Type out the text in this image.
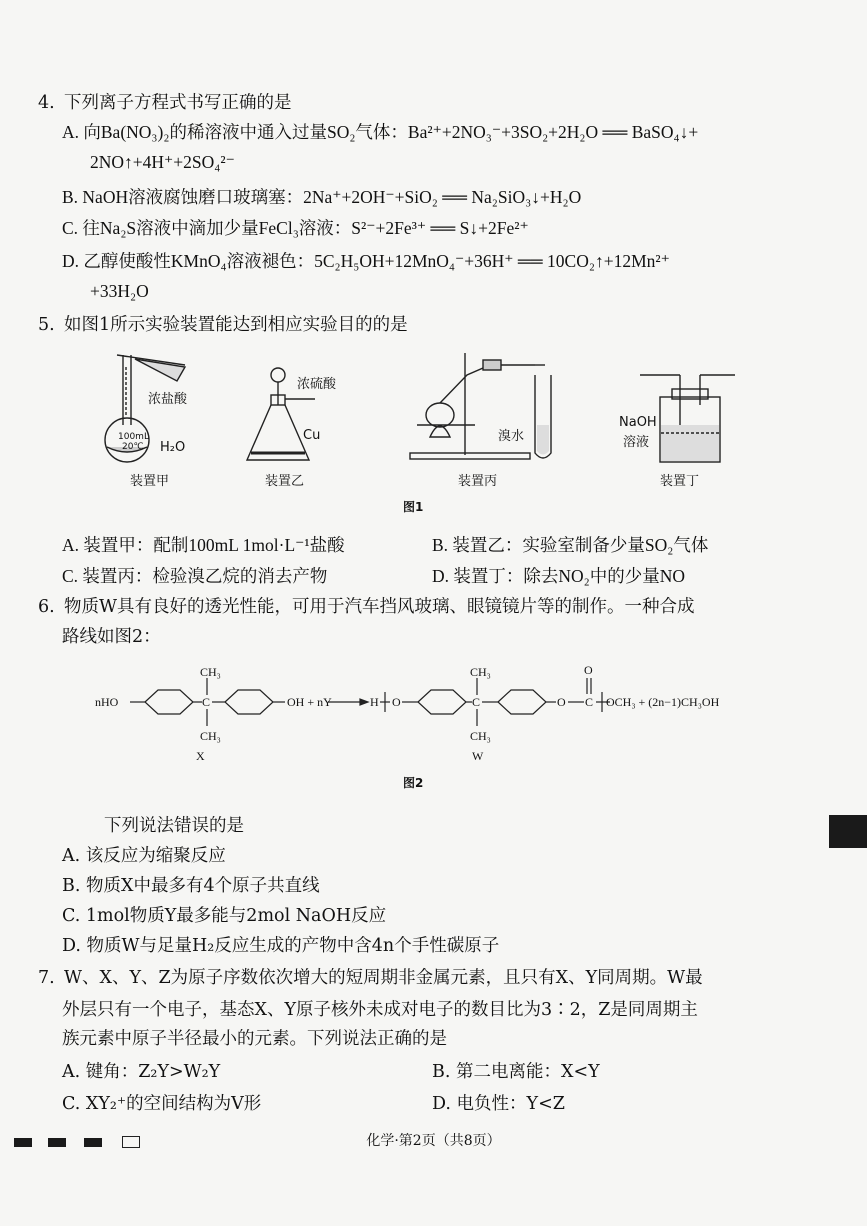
4. 下列离子方程式书写正确的是
A. 向Ba(NO₃)₂的稀溶液中通入过量SO₂气体：Ba²⁺+2NO₃⁻+3SO₂+2H₂O ══ BaSO₄↓+
2NO↑+4H⁺+2SO₄²⁻
B. NaOH溶液腐蚀磨口玻璃塞：2Na⁺+2OH⁻+SiO₂ ══ Na₂SiO₃↓+H₂O
C. 往Na₂S溶液中滴加少量FeCl₃溶液：S²⁻+2Fe³⁺ ══ S↓+2Fe²⁺
D. 乙醇使酸性KMnO₄溶液褪色：5C₂H₅OH+12MnO₄⁻+36H⁺ ══ 10CO₂↑+12Mn²⁺
+33H₂O
5. 如图1所示实验装置能达到相应实验目的的是
浓盐酸
100mL
20℃ H₂O
浓硫酸
Cu	溴水
NaOH
溶液
装置甲	装置乙	装置丙	装置丁
图1
A. 装置甲：配制100mL 1mol·L⁻¹盐酸	B. 装置乙：实验室制备少量SO₂气体
C. 装置丙：检验溴乙烷的消去产物	D. 装置丁：除去NO₂中的少量NO
6. 物质W具有良好的透光性能，可用于汽车挡风玻璃、眼镜镜片等的制作。一种合成
路线如图2：
nHO
CH₃
C
CH₃
OH + nY	H O
CH₃
C
CH₃
O
O
C OCH₃ + (2n−1)CH₃OH
X	W
图2
下列说法错误的是
A. 该反应为缩聚反应
B. 物质X中最多有4个原子共直线
C. 1mol物质Y最多能与2mol NaOH反应
D. 物质W与足量H₂反应生成的产物中含4n个手性碳原子
7. W、X、Y、Z为原子序数依次增大的短周期非金属元素，且只有X、Y同周期。W最
外层只有一个电子，基态X、Y原子核外未成对电子的数目比为3∶2，Z是同周期主
族元素中原子半径最小的元素。下列说法正确的是
A. 键角：Z₂Y>W₂Y	B. 第二电离能：X<Y
C. XY₂⁺的空间结构为V形	D. 电负性：Y<Z
化学·第2页（共8页）
